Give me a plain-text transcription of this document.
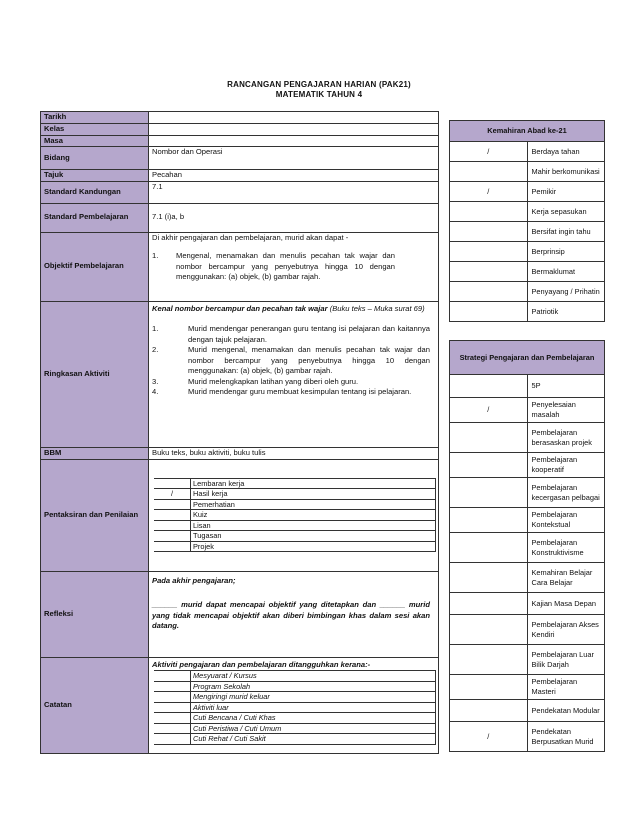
RANCANGAN PENGAJARAN HARIAN (PAK21)
MATEMATIK TAHUN 4
Tarikh	
Kelas	
Masa	
Bidang	Nombor dan Operasi
Tajuk	Pecahan
Standard Kandungan	7.1
Standard Pembelajaran	7.1 (i)a, b
Objektif Pembelajaran	
Di akhir pengajaran dan pembelajaran, murid akan dapat -
1.	Mengenal, menamakan dan menulis pecahan tak wajar dan nombor bercampur yang penyebutnya hingga 10 dengan menggunakan: (a) objek, (b) gambar rajah.

Ringkasan Aktiviti	
Kenal nombor bercampur dan pecahan tak wajar (Buku teks – Muka surat 69)
1.	Murid mendengar penerangan guru tentang isi pelajaran dan kaitannya dengan tajuk pelajaran.
2.	Murid mengenal, menamakan dan menulis pecahan tak wajar dan nombor bercampur yang penyebutnya hingga 10 dengan menggunakan: (a) objek, (b) gambar rajah.
3.	Murid melengkapkan latihan yang diberi oleh guru.
4.	Murid mendengar guru membuat kesimpulan tentang isi pelajaran.

BBM	Buku teks, buku aktiviti, buku tulis
Pentaksiran dan Penilaian	
	Lembaran kerja
/	Hasil kerja
	Pemerhatian
	Kuiz
	Lisan
	Tugasan
	Projek

Refleksi	
Pada akhir pengajaran;
______ murid dapat mencapai objektif yang ditetapkan dan ______ murid yang tidak mencapai objektif akan diberi bimbingan khas dalam sesi akan datang.

Catatan	
Aktiviti pengajaran dan pembelajaran ditangguhkan kerana:-
	Mesyuarat / Kursus
	Program Sekolah
	Mengiringi murid keluar
	Aktiviti luar
	Cuti Bencana / Cuti Khas
	Cuti Peristiwa / Cuti Umum
	Cuti Rehat / Cuti Sakit
Kemahiran Abad ke-21	
/	Berdaya tahan
	Mahir berkomunikasi
/	Pemikir
	Kerja sepasukan
	Bersifat ingin tahu
	Berprinsip
	Bermaklumat
	Penyayang / Prihatin
	Patriotik
Strategi Pengajaran dan Pembelajaran	
	5P
/	Penyelesaian masalah
	Pembelajaran berasaskan projek
	Pembelajaran kooperatif
	Pembelajaran kecergasan pelbagai
	Pembelajaran Kontekstual
	Pembelajaran Konstruktivisme
	Kemahiran Belajar Cara Belajar
	Kajian Masa Depan
	Pembelajaran Akses Kendiri
	Pembelajaran Luar Bilik Darjah
	Pembelajaran Masteri
	Pendekatan Modular
/	Pendekatan Berpusatkan Murid
